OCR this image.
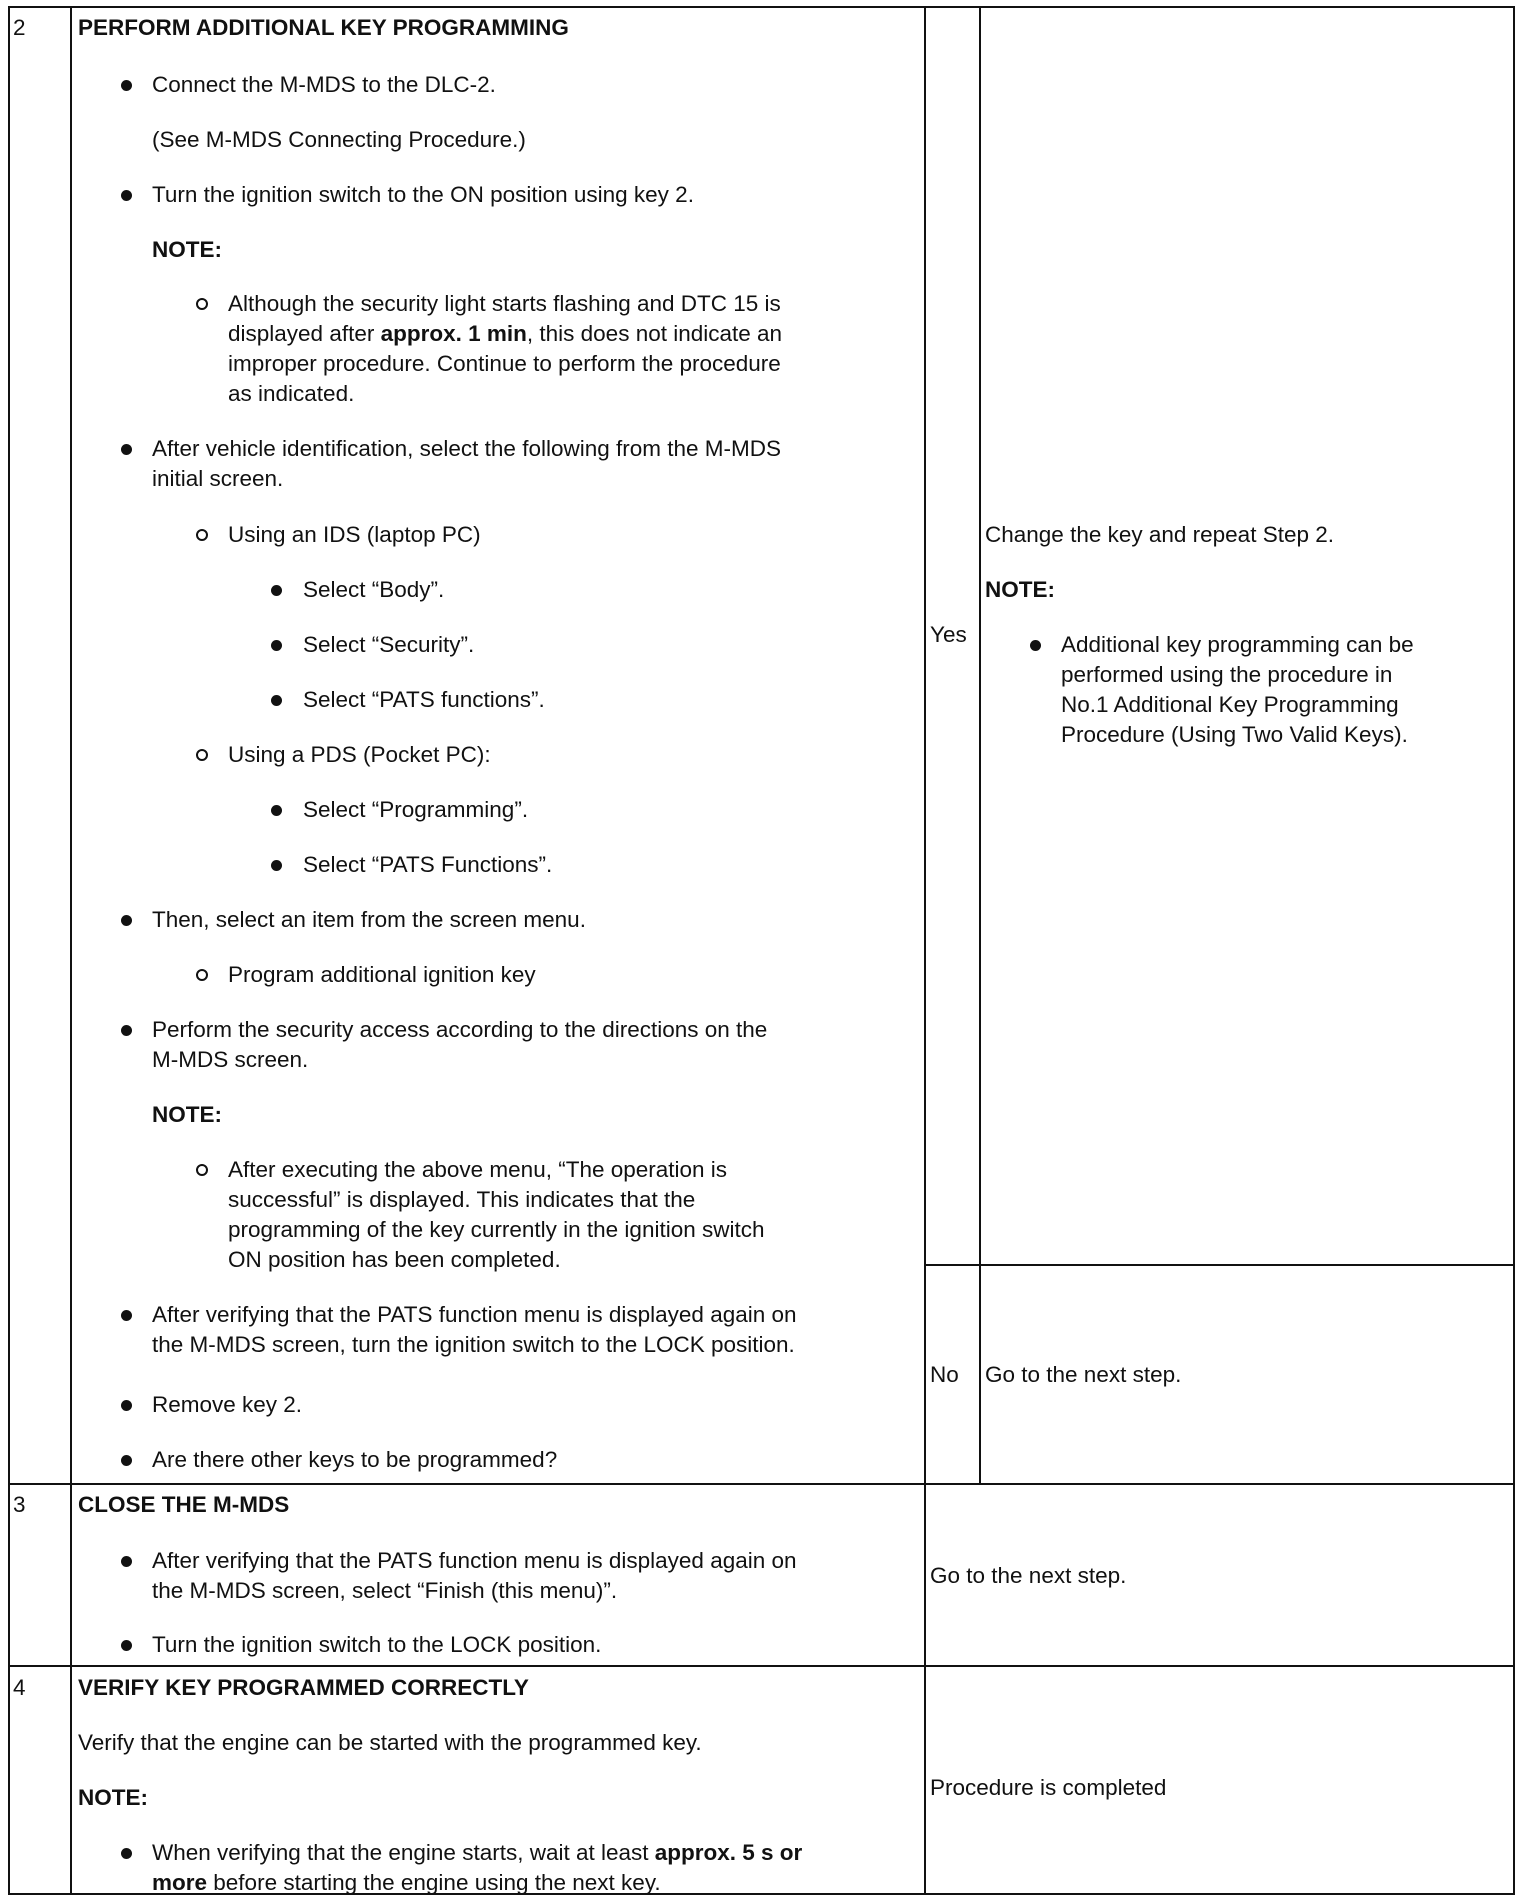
2 PERFORM ADDITIONAL KEY PROGRAMMING
Connect the M-MDS to the DLC-2.
(See M-MDS Connecting Procedure.)
Turn the ignition switch to the ON position using key 2.
NOTE:
Although the security light starts flashing and DTC 15 is
displayed after approx. 1 min, this does not indicate an
improper procedure. Continue to perform the procedure
as indicated.
After vehicle identification, select the following from the M-MDS
initial screen.
Using an IDS (laptop PC)
Select “Body”.
Select “Security”.
Select “PATS functions”.
Using a PDS (Pocket PC):
Select “Programming”.
Select “PATS Functions”.
Then, select an item from the screen menu.
Program additional ignition key
Perform the security access according to the directions on the
M-MDS screen.
NOTE:
After executing the above menu, “The operation is
successful” is displayed. This indicates that the
programming of the key currently in the ignition switch
ON position has been completed.
After verifying that the PATS function menu is displayed again on
the M-MDS screen, turn the ignition switch to the LOCK position.
Remove key 2.
Are there other keys to be programmed?
Yes
Change the key and repeat Step 2.
NOTE:
Additional key programming can be
performed using the procedure in
No.1 Additional Key Programming
Procedure (Using Two Valid Keys).
No Go to the next step.
3 CLOSE THE M-MDS
After verifying that the PATS function menu is displayed again on
the M-MDS screen, select “Finish (this menu)”.
Turn the ignition switch to the LOCK position.
Go to the next step.
4 VERIFY KEY PROGRAMMED CORRECTLY
Verify that the engine can be started with the programmed key.
NOTE:
When verifying that the engine starts, wait at least approx. 5 s or
more before starting the engine using the next key.
Procedure is completed
